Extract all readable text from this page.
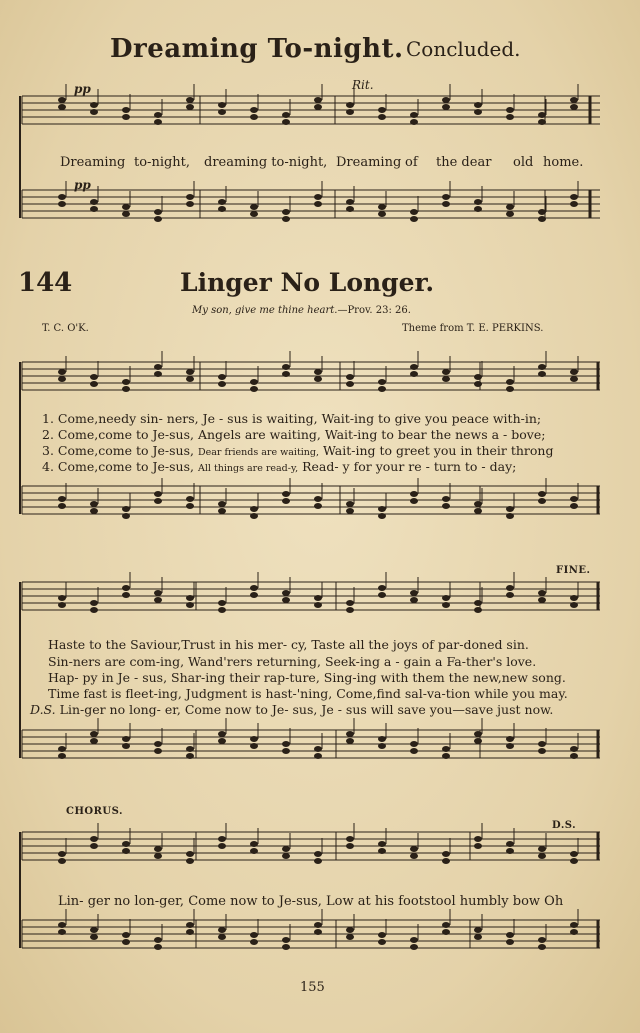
Dreaming To-night. Concluded.
pp	Rit.
pp
Dreaming to-night, dreaming to-night, Dreaming of the dear old home.
144	Linger No Longer.
My son, give me thine heart.—Prov. 23: 26.
T. C. O'K.	Theme from T. E. PERKINS.
1. Come,needy sin- ners, Je - sus is waiting, Wait-ing to give you peace with-in;
2. Come,come to Je-sus, Angels are waiting, Wait-ing to bear the news a - bove;
3. Come,come to Je-sus, Dear friends are waiting, Wait-ing to greet you in their throng
4. Come,come to Je-sus, All things are read-y, Read- y for your re - turn to - day;
FINE.
Haste to the Saviour,Trust in his mer- cy, Taste all the joys of par-doned sin.
Sin-ners are com-ing, Wand'rers returning, Seek-ing a - gain a Fa-ther's love.
Hap- py in Je - sus, Shar-ing their rap-ture, Sing-ing with them the new,new song.
Time fast is fleet-ing, Judgment is hast-'ning, Come,find sal-va-tion while you may.
D.S. Lin-ger no long- er, Come now to Je- sus, Je - sus will save you—save just now.
CHORUS.
D.S.
Lin- ger no lon-ger, Come now to Je-sus, Low at his footstool humbly bow Oh
155
